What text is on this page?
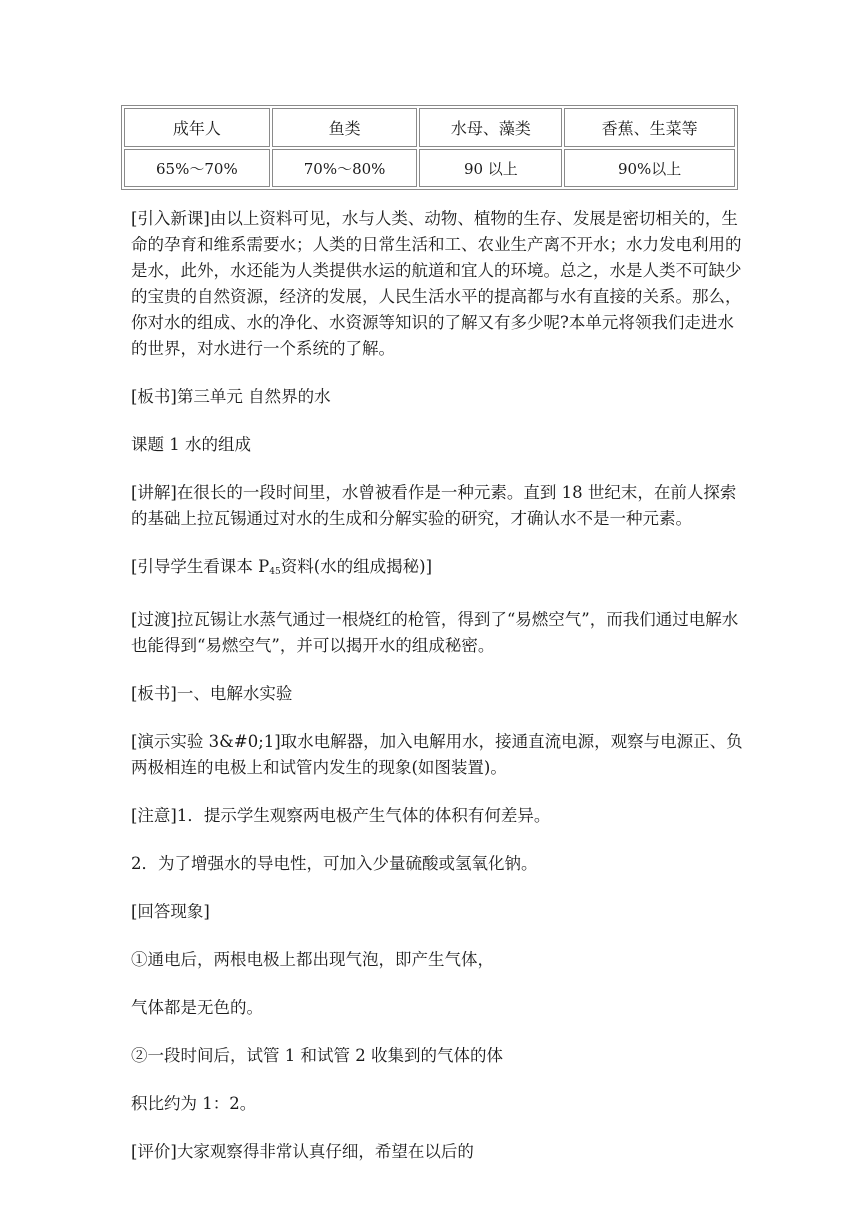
成年人	鱼类	水母、藻类	香蕉、生菜等
65%～70%	70%～80%	90 以上	90%以上

[引入新课]由以上资料可见，水与人类、动物、植物的生存、发展是密切相关的，生命的孕育和维系需要水；人类的日常生活和工、农业生产离不开水；水力发电利用的是水，此外，水还能为人类提供水运的航道和宜人的环境。总之，水是人类不可缺少的宝贵的自然资源，经济的发展，人民生活水平的提高都与水有直接的关系。那么，你对水的组成、水的净化、水资源等知识的了解又有多少呢?本单元将领我们走进水的世界，对水进行一个系统的了解。

[板书]第三单元 自然界的水

课题 1 水的组成

[讲解]在很长的一段时间里，水曾被看作是一种元素。直到 18 世纪末，在前人探索的基础上拉瓦锡通过对水的生成和分解实验的研究，才确认水不是一种元素。

[引导学生看课本 $P_{45}$资料(水的组成揭秘)]

[过渡]拉瓦锡让水蒸气通过一根烧红的枪管，得到了“易燃空气”，而我们通过电解水也能得到“易燃空气”，并可以揭开水的组成秘密。

[板书]一、电解水实验

[演示实验 3&#0;1]取水电解器，加入电解用水，接通直流电源，观察与电源正、负两极相连的电极上和试管内发生的现象(如图装置)。

[注意]1．提示学生观察两电极产生气体的体积有何差异。

2．为了增强水的导电性，可加入少量硫酸或氢氧化钠。

[回答现象]

①通电后，两根电极上都出现气泡，即产生气体，

气体都是无色的。

②一段时间后，试管 1 和试管 2 收集到的气体的体

积比约为 1：2。

[评价]大家观察得非常认真仔细，希望在以后的
